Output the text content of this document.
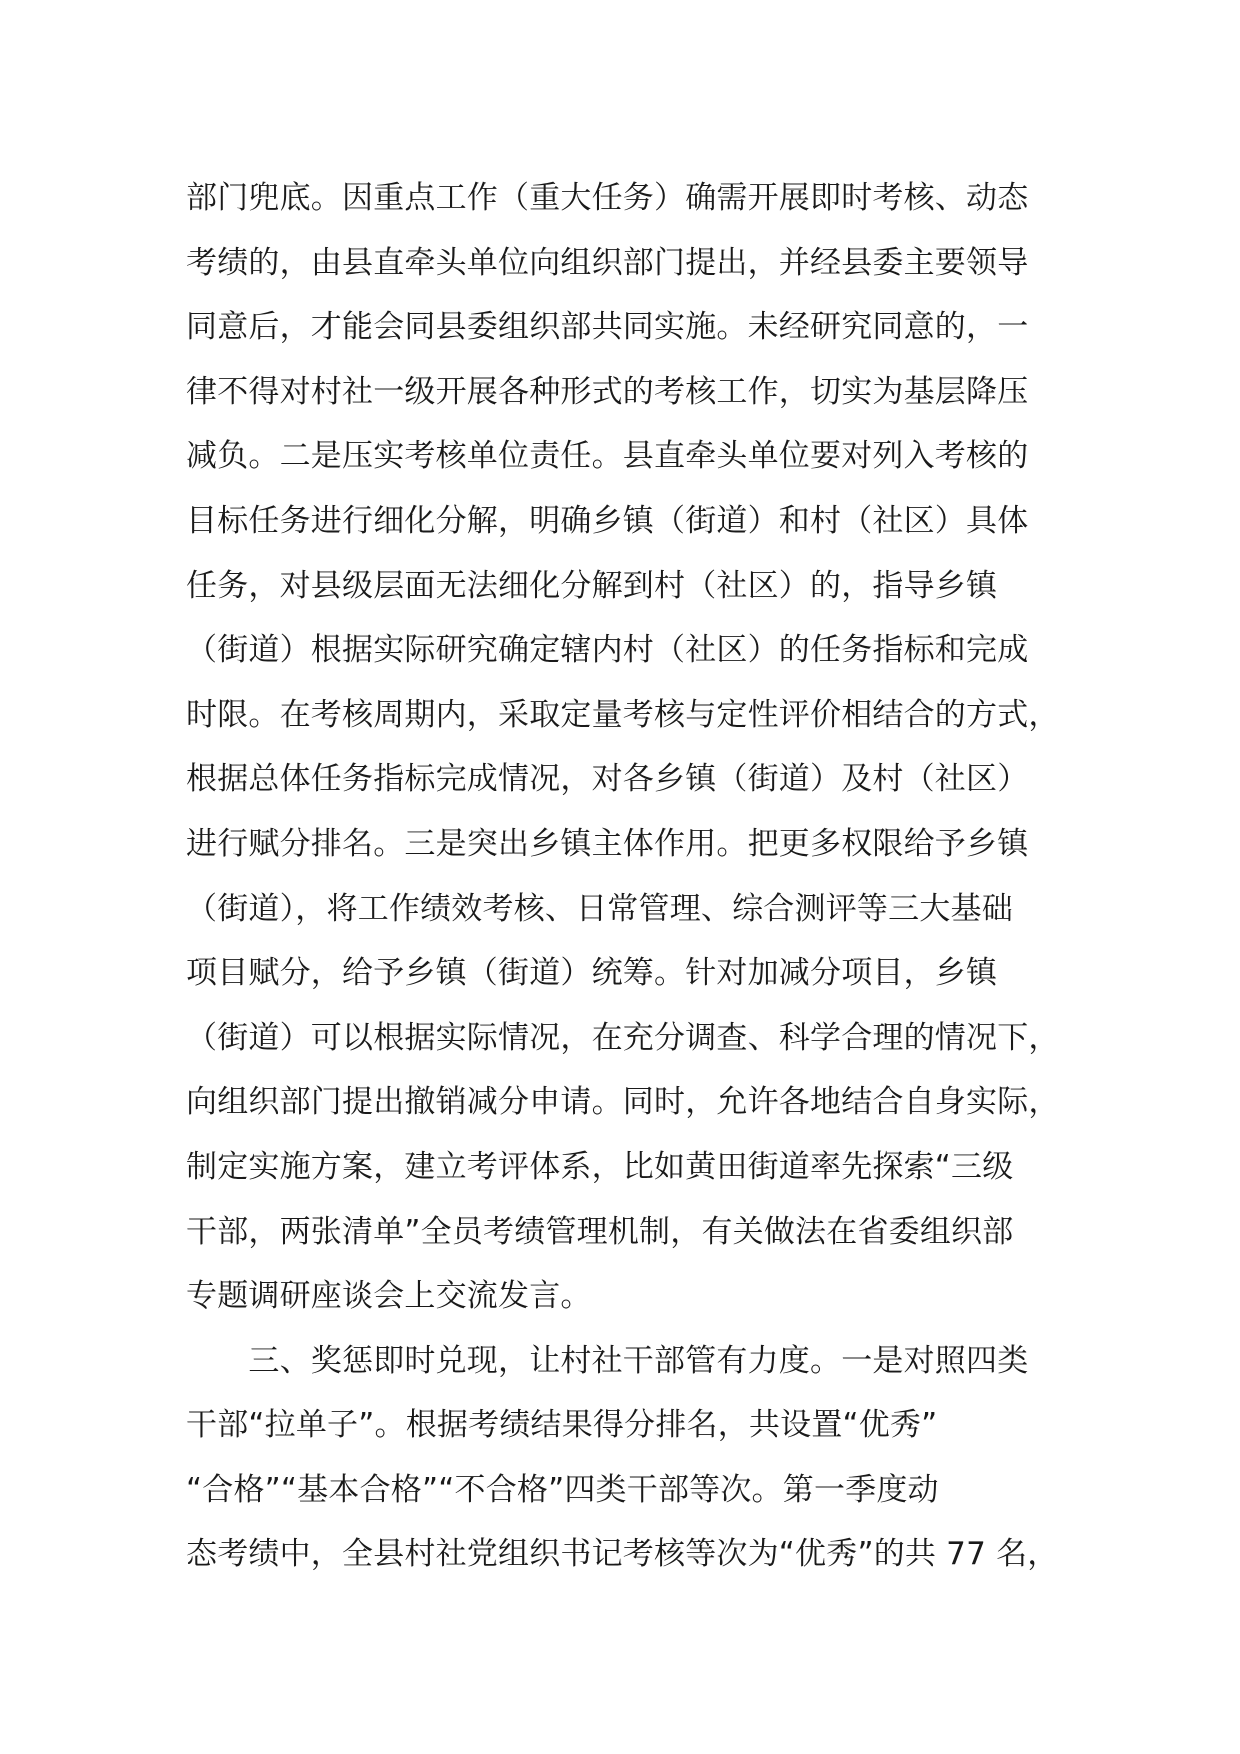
部门兜底。因重点工作（重大任务）确需开展即时考核、动态
考绩的，由县直牵头单位向组织部门提出，并经县委主要领导
同意后，才能会同县委组织部共同实施。未经研究同意的，一
律不得对村社一级开展各种形式的考核工作，切实为基层降压
减负。二是压实考核单位责任。县直牵头单位要对列入考核的
目标任务进行细化分解，明确乡镇（街道）和村（社区）具体
任务，对县级层面无法细化分解到村（社区）的，指导乡镇
（街道）根据实际研究确定辖内村（社区）的任务指标和完成
时限。在考核周期内，采取定量考核与定性评价相结合的方式，
根据总体任务指标完成情况，对各乡镇（街道）及村（社区）
进行赋分排名。三是突出乡镇主体作用。把更多权限给予乡镇
（街道），将工作绩效考核、日常管理、综合测评等三大基础
项目赋分，给予乡镇（街道）统筹。针对加减分项目，乡镇
（街道）可以根据实际情况，在充分调查、科学合理的情况下，
向组织部门提出撤销减分申请。同时，允许各地结合自身实际，
制定实施方案，建立考评体系，比如黄田街道率先探索“三级
干部，两张清单”全员考绩管理机制，有关做法在省委组织部
专题调研座谈会上交流发言。
　　三、奖惩即时兑现，让村社干部管有力度。一是对照四类
干部“拉单子”。根据考绩结果得分排名，共设置“优秀”
“合格”“基本合格”“不合格”四类干部等次。第一季度动
态考绩中，全县村社党组织书记考核等次为“优秀”的共 77 名，
